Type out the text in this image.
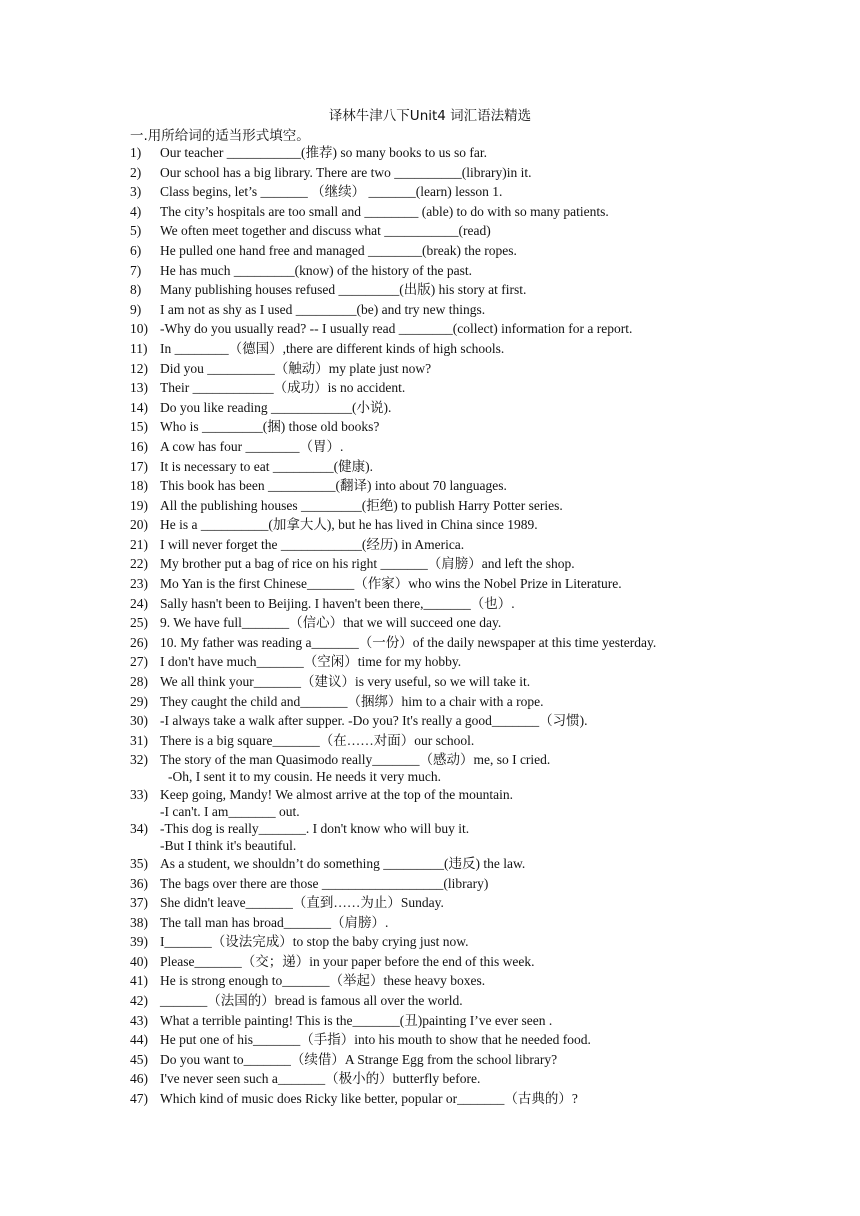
译林牛津八下Unit4 词汇语法精选
一.用所给词的适当形式填空。
1)	Our teacher ___________(推荐) so many books to us so far.
2)	Our school has a big library. There are two __________(library)in it.
3)	Class begins, let’s _______ （继续） _______(learn) lesson 1.
4)	The city’s hospitals are too small and ________ (able) to do with so many patients.
5)	We often meet together and discuss what ___________(read)
6)	He pulled one hand free and managed ________(break) the ropes.
7)	He has much _________(know) of the history of the past.
8)	Many publishing houses refused _________(出版) his story at first.
9)	I am not as shy as I used _________(be) and try new things.
10) -Why do you usually read? -- I usually read ________(collect) information for a report.
11) In ________（德国）,there are different kinds of high schools.
12) Did you __________（触动）my plate just now?
13) Their ____________（成功）is no accident.
14) Do you like reading ____________(小说).
15) Who is _________(捆) those old books?
16) A cow has four ________（胃）.
17) It is necessary to eat _________(健康).
18) This book has been __________(翻译) into about 70 languages.
19) All the publishing houses _________(拒绝) to publish Harry Potter series.
20) He is a __________(加拿大人), but he has lived in China since 1989.
21) I will never forget the ____________(经历) in America.
22) My brother put a bag of rice on his right _______（肩膀）and left the shop.
23) Mo Yan is the first Chinese_______（作家）who wins the Nobel Prize in Literature.
24) Sally hasn't been to Beijing. I haven't been there,_______（也）.
25) 9. We have full_______（信心）that we will succeed one day.
26) 10. My father was reading a_______（一份）of the daily newspaper at this time yesterday.
27) I don't have much_______（空闲）time for my hobby.
28) We all think your_______（建议）is very useful, so we will take it.
29) They caught the child and_______（捆绑）him to a chair with a rope.
30) -I always take a walk after supper. -Do you? It's really a good_______（习惯).
31) There is a big square_______（在……对面）our school.
32) The story of the man Quasimodo really_______（感动）me, so I cried.
-Oh, I sent it to my cousin. He needs it very much.
33) Keep going, Mandy! We almost arrive at the top of the mountain.
-I can't. I am_______ out.
34) -This dog is really_______. I don't know who will buy it.
-But I think it's beautiful.
35) As a student, we shouldn’t do something _________(违反) the law.
36) The bags over there are those __________________(library)
37) She didn't leave_______（直到……为止）Sunday.
38) The tall man has broad_______（肩膀）.
39) I_______（设法完成）to stop the baby crying just now.
40) Please_______（交；递）in your paper before the end of this week.
41) He is strong enough to_______（举起）these heavy boxes.
42) _______（法国的）bread is famous all over the world.
43) What a terrible painting! This is the_______(丑)painting I’ve ever seen .
44) He put one of his_______（手指）into his mouth to show that he needed food.
45) Do you want to_______（续借）A Strange Egg from the school library?
46) I've never seen such a_______（极小的）butterfly before.
47) Which kind of music does Ricky like better, popular or_______（古典的）?
